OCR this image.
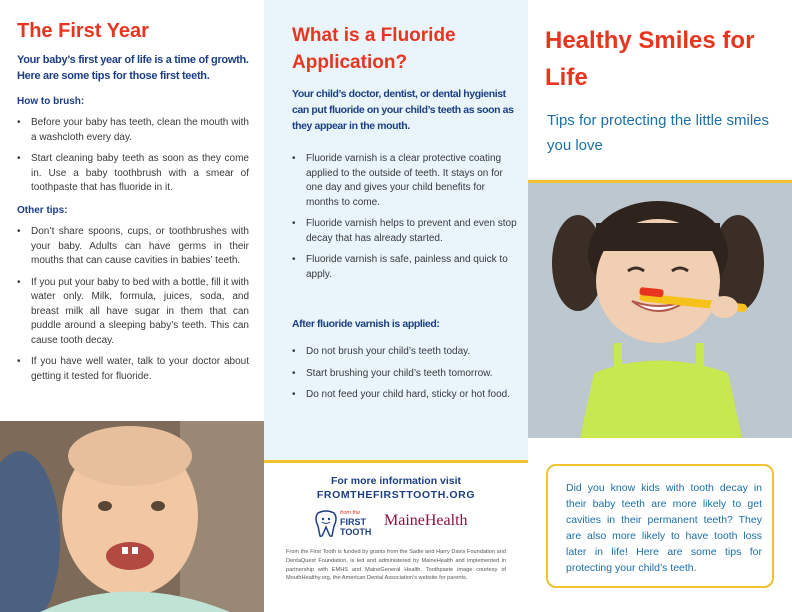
The First Year
Your baby’s first year of life is a time of growth. Here are some tips for those first teeth.
How to brush:
• Before your baby has teeth, clean the mouth with a washcloth every day.
• Start cleaning baby teeth as soon as they come in. Use a baby toothbrush with a smear of toothpaste that has fluoride in it.
Other tips:
• Don’t share spoons, cups, or toothbrushes with your baby. Adults can have germs in their mouths that can cause cavities in babies’ teeth.
• If you put your baby to bed with a bottle, fill it with water only. Milk, formula, juices, soda, and breast milk all have sugar in them that can puddle around a sleeping baby’s teeth. This can cause tooth decay.
• If you have well water, talk to your doctor about getting it tested for fluoride.
What is a Fluoride Application?
Your child’s doctor, dentist, or dental hygienist can put fluoride on your child’s teeth as soon as they appear in the mouth.
• Fluoride varnish is a clear protective coating applied to the outside of teeth. It stays on for one day and gives your child benefits for months to come.
• Fluoride varnish helps to prevent and even stop decay that has already started.
• Fluoride varnish is safe, painless and quick to apply.
After fluoride varnish is applied:
• Do not brush your child’s teeth today.
• Start brushing your child’s teeth tomorrow.
• Do not feed your child hard, sticky or hot food.
For more information visit
FROMTHEFIRSTTOOTH.ORG
from the
FIRST
TOOTH
MaineHealth
From the First Tooth is funded by grants from the Sadie and Harry Davis Foundation and DentaQuest Foundation, is led and administered by MaineHealth and implemented in partnership with EMHS and MaineGeneral Health. Toothpaste image courtesy of MouthHealthy.org, the American Dental Association’s website for parents.
Healthy Smiles for Life
Tips for protecting the little smiles you love
Did you know kids with tooth decay in their baby teeth are more likely to get cavities in their permanent teeth? They are also more likely to have tooth loss later in life! Here are some tips for protecting your child’s teeth.
